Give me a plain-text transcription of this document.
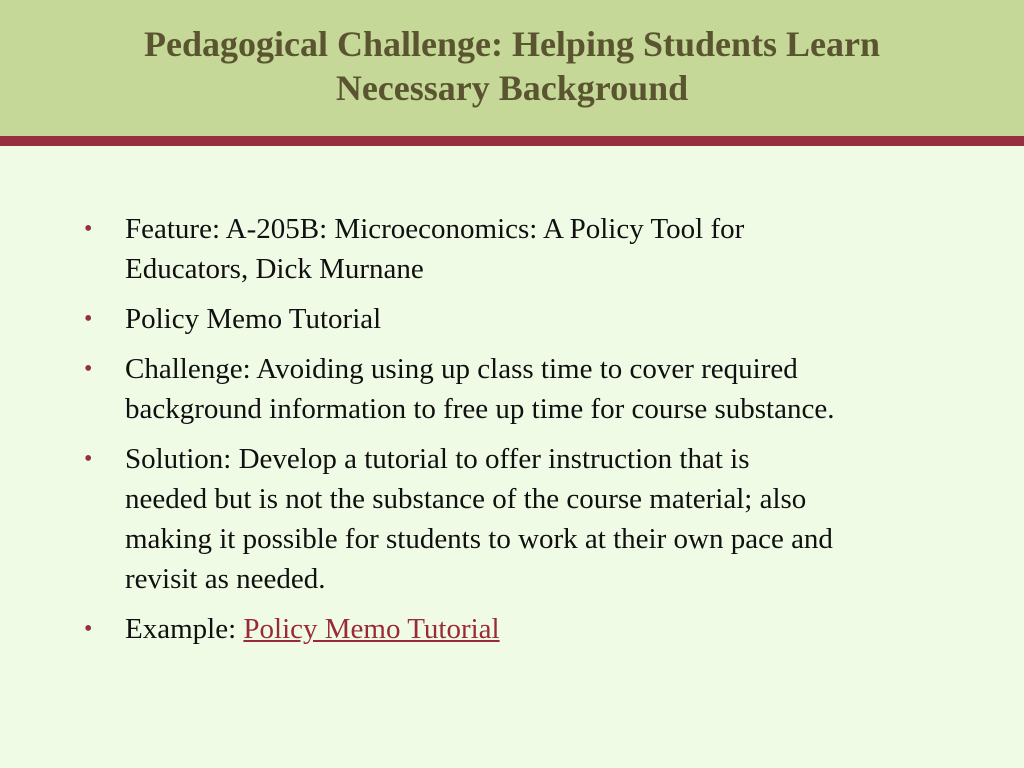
Pedagogical Challenge: Helping Students Learn
Necessary Background
•	Feature: A-205B: Microeconomics: A Policy Tool for
Educators, Dick Murnane
•	Policy Memo Tutorial
•	Challenge: Avoiding using up class time to cover required
background information to free up time for course substance.
•	Solution: Develop a tutorial to offer instruction that is
needed but is not the substance of the course material; also
making it possible for students to work at their own pace and
revisit as needed.
•	Example: Policy Memo Tutorial
